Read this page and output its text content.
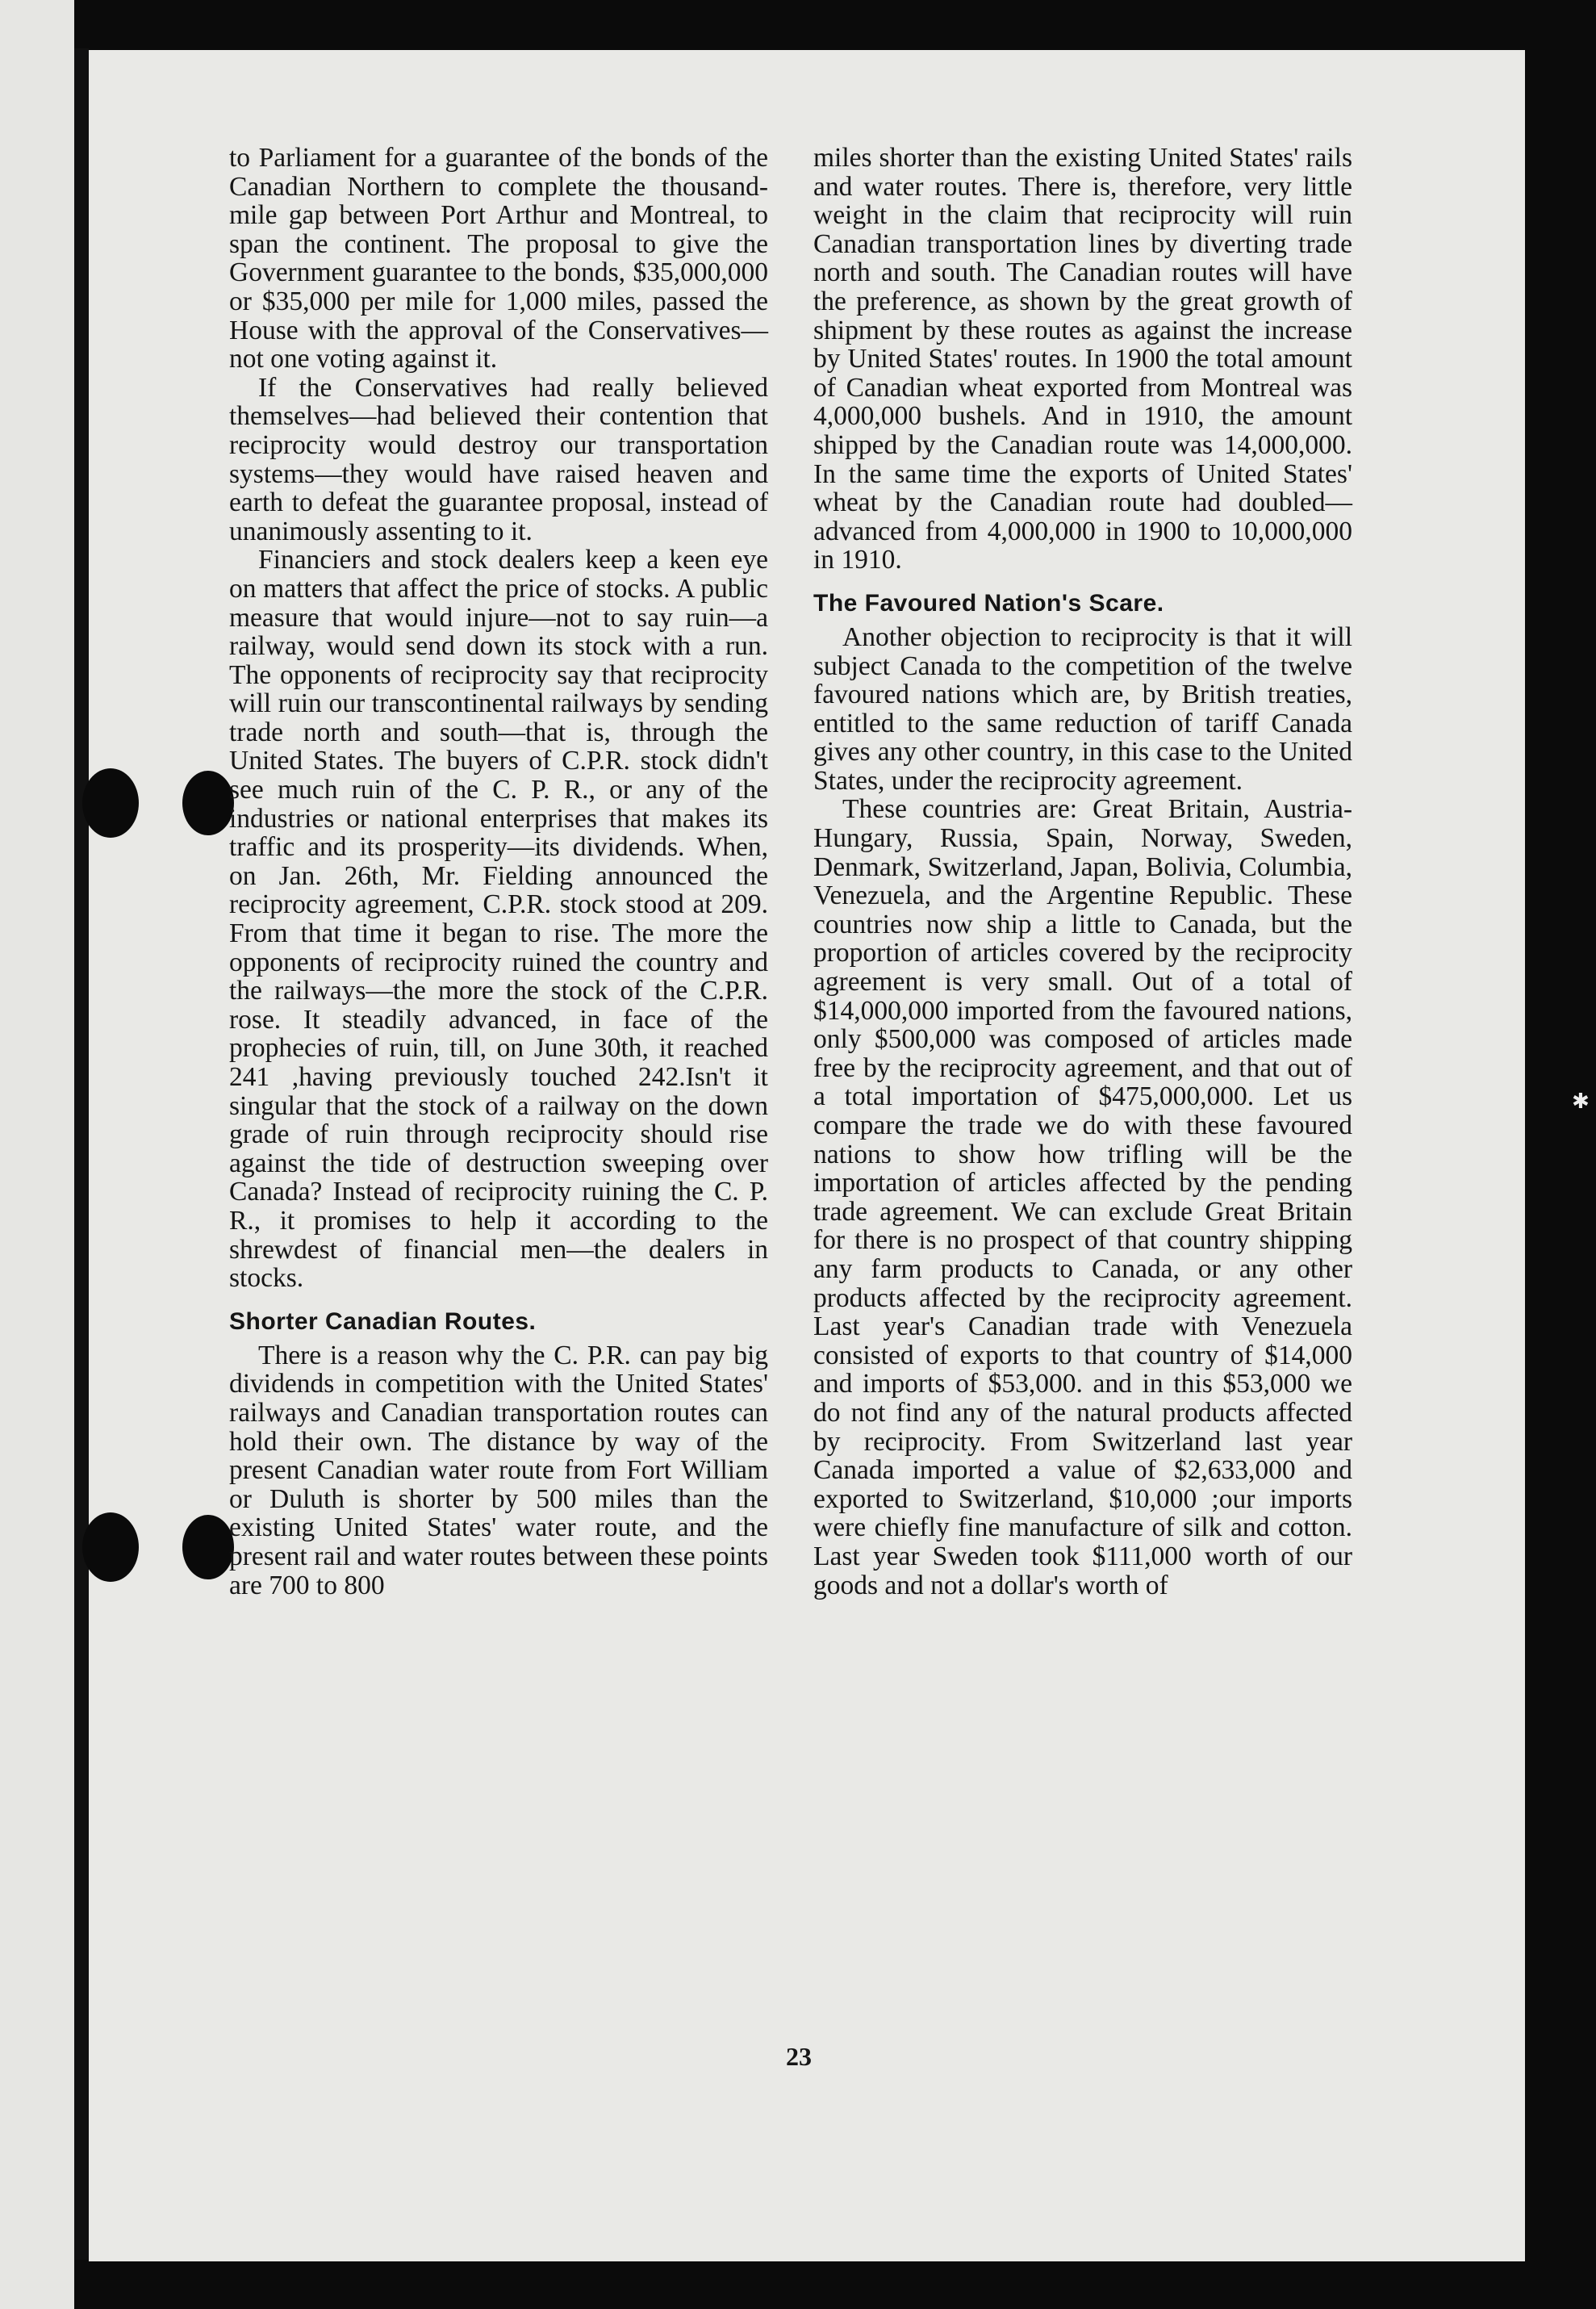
to Parliament for a guarantee of the bonds of the Canadian Northern to complete the thousand-mile gap between Port Arthur and Montreal, to span the continent. The proposal to give the Government guarantee to the bonds, $35,000,000 or $35,000 per mile for 1,000 miles, passed the House with the approval of the Conservatives—not one voting against it.

If the Conservatives had really believed themselves—had believed their contention that reciprocity would destroy our transportation systems—they would have raised heaven and earth to defeat the guarantee proposal, instead of unanimously assenting to it.

Financiers and stock dealers keep a keen eye on matters that affect the price of stocks. A public measure that would injure—not to say ruin—a railway, would send down its stock with a run. The opponents of reciprocity say that reciprocity will ruin our transcontinental railways by sending trade north and south—that is, through the United States. The buyers of C.P.R. stock didn't see much ruin of the C. P. R., or any of the industries or national enterprises that makes its traffic and its prosperity—its dividends. When, on Jan. 26th, Mr. Fielding announced the reciprocity agreement, C.P.R. stock stood at 209. From that time it began to rise. The more the opponents of reciprocity ruined the country and the railways—the more the stock of the C.P.R. rose. It steadily advanced, in face of the prophecies of ruin, till, on June 30th, it reached 241 ,having previously touched 242.Isn't it singular that the stock of a railway on the down grade of ruin through reciprocity should rise against the tide of destruction sweeping over Canada? Instead of reciprocity ruining the C. P. R., it promises to help it according to the shrewdest of financial men—the dealers in stocks.

Shorter Canadian Routes.

There is a reason why the C. P.R. can pay big dividends in competition with the United States' railways and Canadian transportation routes can hold their own. The distance by way of the present Canadian water route from Fort William or Duluth is shorter by 500 miles than the existing United States' water route, and the present rail and water routes between these points are 700 to 800

miles shorter than the existing United States' rails and water routes. There is, therefore, very little weight in the claim that reciprocity will ruin Canadian transportation lines by diverting trade north and south. The Canadian routes will have the preference, as shown by the great growth of shipment by these routes as against the increase by United States' routes. In 1900 the total amount of Canadian wheat exported from Montreal was 4,000,000 bushels. And in 1910, the amount shipped by the Canadian route was 14,000,000. In the same time the exports of United States' wheat by the Canadian route had doubled—advanced from 4,000,000 in 1900 to 10,000,000 in 1910.

The Favoured Nation's Scare.

Another objection to reciprocity is that it will subject Canada to the competition of the twelve favoured nations which are, by British treaties, entitled to the same reduction of tariff Canada gives any other country, in this case to the United States, under the reciprocity agreement.

These countries are: Great Britain, Austria-Hungary, Russia, Spain, Norway, Sweden, Denmark, Switzerland, Japan, Bolivia, Columbia, Venezuela, and the Argentine Republic. These countries now ship a little to Canada, but the proportion of articles covered by the reciprocity agreement is very small. Out of a total of $14,000,000 imported from the favoured nations, only $500,000 was composed of articles made free by the reciprocity agreement, and that out of a total importation of $475,000,000. Let us compare the trade we do with these favoured nations to show how trifling will be the importation of articles affected by the pending trade agreement. We can exclude Great Britain for there is no prospect of that country shipping any farm products to Canada, or any other products affected by the reciprocity agreement. Last year's Canadian trade with Venezuela consisted of exports to that country of $14,000 and imports of $53,000. and in this $53,000 we do not find any of the natural products affected by reciprocity. From Switzerland last year Canada imported a value of $2,633,000 and exported to Switzerland, $10,000 ;our imports were chiefly fine manufacture of silk and cotton. Last year Sweden took $111,000 worth of our goods and not a dollar's worth of

23
✱
